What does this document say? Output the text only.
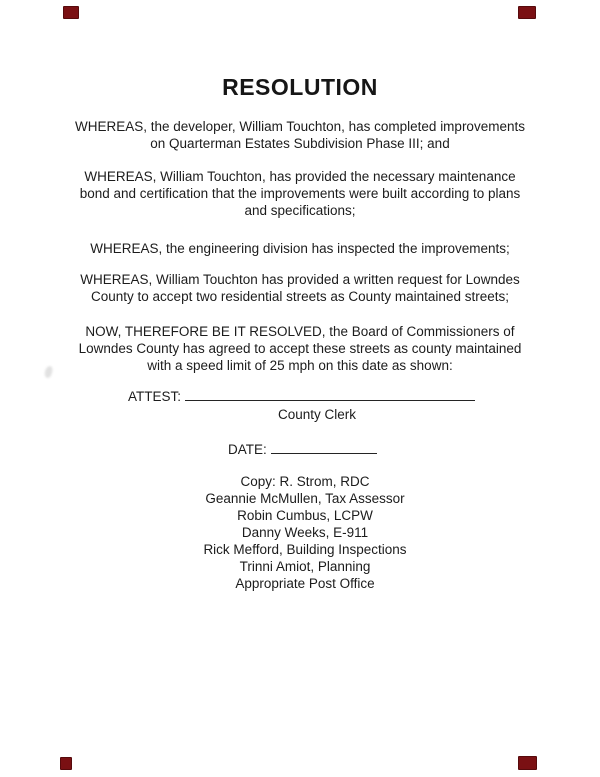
RESOLUTION

WHEREAS, the developer, William Touchton, has completed improvements
on Quarterman Estates Subdivision Phase III; and

WHEREAS, William Touchton, has provided the necessary maintenance
bond and certification that the improvements were built according to plans
and specifications;

WHEREAS, the engineering division has inspected the improvements;

WHEREAS, William Touchton has provided a written request for Lowndes
County to accept two residential streets as County maintained streets;

NOW, THEREFORE BE IT RESOLVED, the Board of Commissioners of
Lowndes County has agreed to accept these streets as county maintained
with a speed limit of 25 mph on this date as shown:

ATTEST:
County Clerk
DATE:
Copy: R. Strom, RDC
Geannie McMullen, Tax Assessor
Robin Cumbus, LCPW
Danny Weeks, E-911
Rick Mefford, Building Inspections
Trinni Amiot, Planning
Appropriate Post Office
